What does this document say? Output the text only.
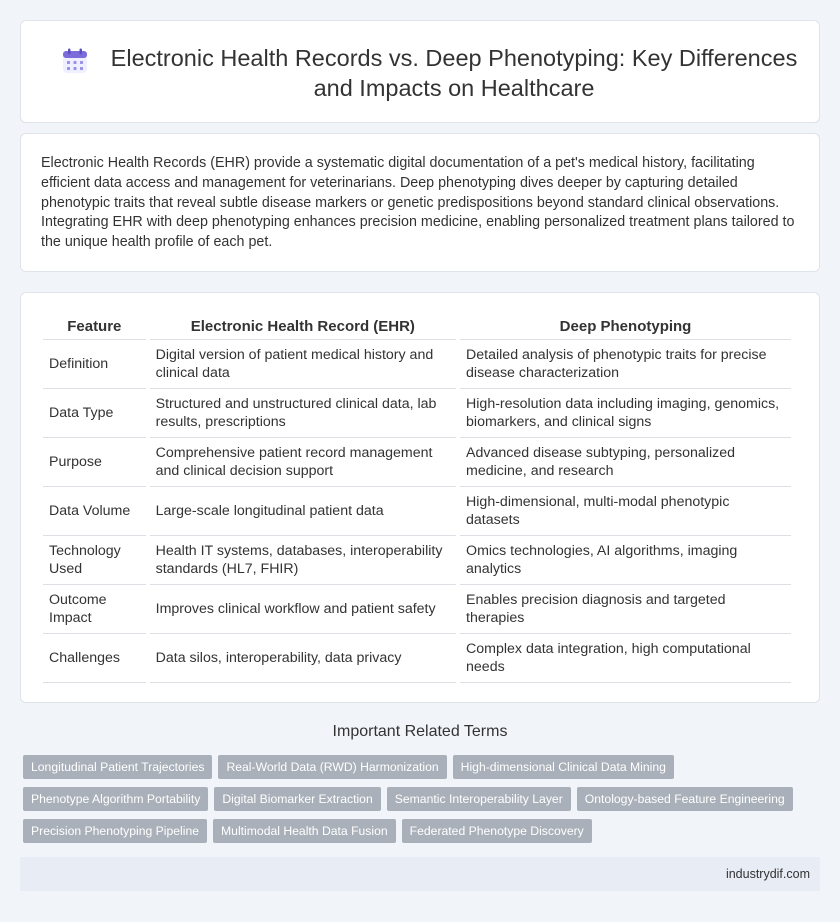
Electronic Health Records vs. Deep Phenotyping: Key Differences and Impacts on Healthcare

Electronic Health Records (EHR) provide a systematic digital documentation of a pet's medical history, facilitating efficient data access and management for veterinarians. Deep phenotyping dives deeper by capturing detailed phenotypic traits that reveal subtle disease markers or genetic predispositions beyond standard clinical observations. Integrating EHR with deep phenotyping enhances precision medicine, enabling personalized treatment plans tailored to the unique health profile of each pet.

Feature	Electronic Health Record (EHR)	Deep Phenotyping
Definition	Digital version of patient medical history and clinical data	Detailed analysis of phenotypic traits for precise disease characterization
Data Type	Structured and unstructured clinical data, lab results, prescriptions	High-resolution data including imaging, genomics, biomarkers, and clinical signs
Purpose	Comprehensive patient record management and clinical decision support	Advanced disease subtyping, personalized medicine, and research
Data Volume	Large-scale longitudinal patient data	High-dimensional, multi-modal phenotypic datasets
Technology Used	Health IT systems, databases, interoperability standards (HL7, FHIR)	Omics technologies, AI algorithms, imaging analytics
Outcome Impact	Improves clinical workflow and patient safety	Enables precision diagnosis and targeted therapies
Challenges	Data silos, interoperability, data privacy	Complex data integration, high computational needs
Important Related Terms
Longitudinal Patient Trajectories	Real-World Data (RWD) Harmonization	High-dimensional Clinical Data Mining
Phenotype Algorithm Portability	Digital Biomarker Extraction	Semantic Interoperability Layer	Ontology-based Feature Engineering
Precision Phenotyping Pipeline	Multimodal Health Data Fusion	Federated Phenotype Discovery
industrydif.com
